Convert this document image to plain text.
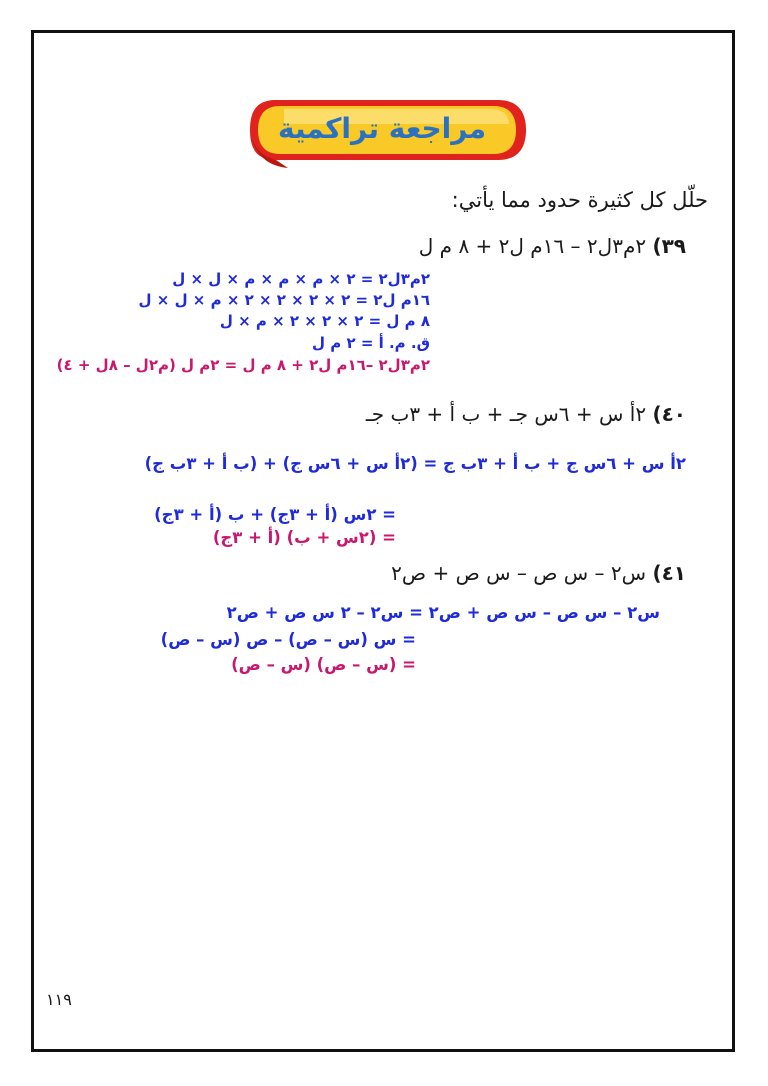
مراجعة تراكمية
حلّل كل كثيرة حدود مما يأتي:
٣٩) ٢م٣ل٢ – ١٦م ل٢ + ٨ م ل
٢م٣ل٢ = ٢ × م × م × م × ل × ل
١٦م ل٢ = ٢ × ٢ × ٢ × ٢ × م × ل × ل
٨ م ل = ٢ × ٢ × ٢ × م × ل
ق. م. أ = ٢ م ل
٢م٣ل٢ –١٦م ل٢ + ٨ م ل = ٢م ل (م٢ل – ٨ل + ٤)
٤٠) ٢أ س + ٦س جـ + ب أ + ٣ب جـ
٢أ س + ٦س ج + ب أ + ٣ب ج = (٢أ س + ٦س ج) + (ب أ + ٣ب ج)
= ٢س (أ + ٣ج) + ب (أ + ٣ج)
= (٢س + ب) (أ + ٣ج)
٤١) س٢ – س ص – س ص + ص٢
س٢ – س ص – س ص + ص٢ = س٢ – ٢ س ص + ص٢
= س (س – ص) – ص (س – ص)
= (س – ص) (س – ص)
١١٩
